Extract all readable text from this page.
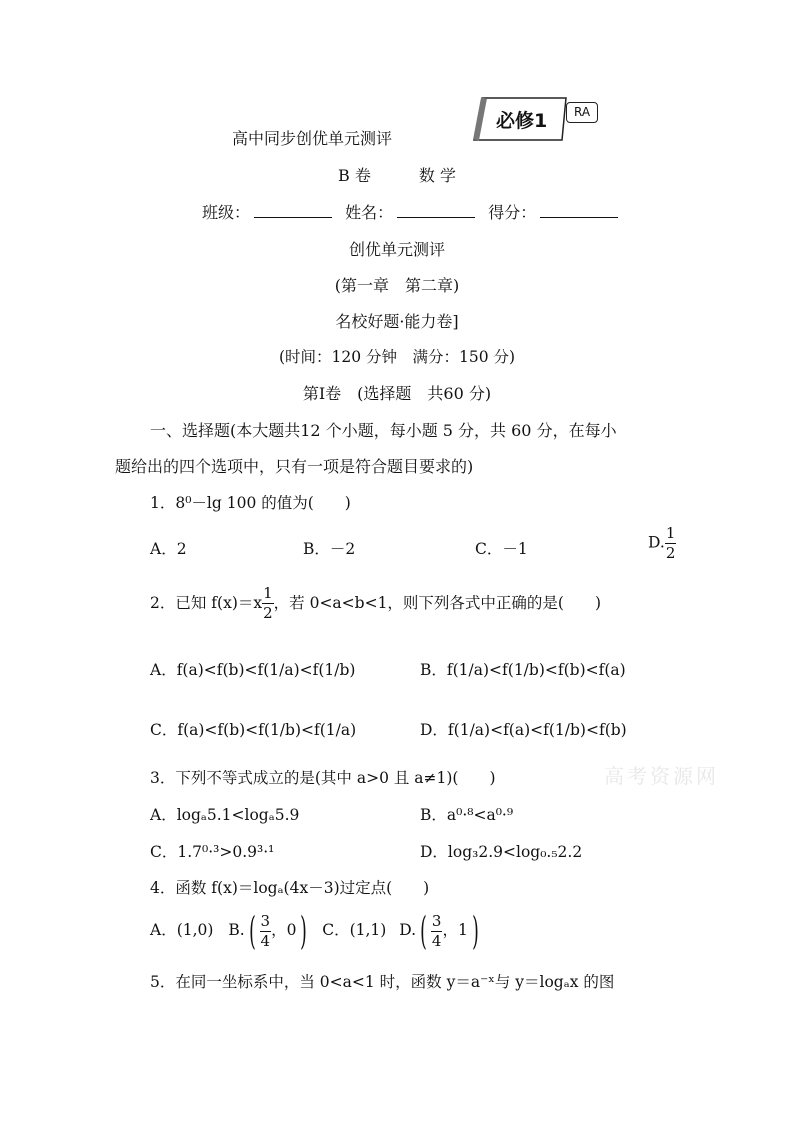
高中同步创优单元测评
必修1	RA
B 卷　　　数 学
班级：	姓名：	得分：
创优单元测评
(第一章　第二章)
名校好题·能力卷]
(时间：120 分钟　满分：150 分)
第Ⅰ卷　(选择题　共60 分)
一、选择题(本大题共12 个小题，每小题 5 分，共 60 分，在每小
题给出的四个选项中，只有一项是符合题目要求的)
1．8⁰－lg 100 的值为(　　)
A．2	B．－2	C．－1	D. $\frac{1}{2}$
2．已知 $f(x)=x \frac{1}{2}$ ，若 0<a<b<1，则下列各式中正确的是(　　)
A．f(a)<f(b)<f(1/a)<f(1/b)	B．f(1/a)<f(1/b)<f(b)<f(a)
C．f(a)<f(b)<f(1/b)<f(1/a)	D．f(1/a)<f(a)<f(1/b)<f(b)
3．下列不等式成立的是(其中 a>0 且 a≠1)(　　)
A．logₐ5.1<logₐ5.9	B．a⁰·⁸<a⁰·⁹
C．1.7⁰·³>0.9³·¹	D．log₃2.9<log₀.₅2.2
4．函数 f(x)＝logₐ(4x－3)过定点(　　)
A．(1,0) B. ( $\frac{3}{4}$ ，0 ) C．(1,1) D. ( $\frac{3}{4}$ ，1 )
5．在同一坐标系中，当 0<a<1 时，函数 y＝a⁻ˣ与 y＝logₐx 的图
高考资源网
